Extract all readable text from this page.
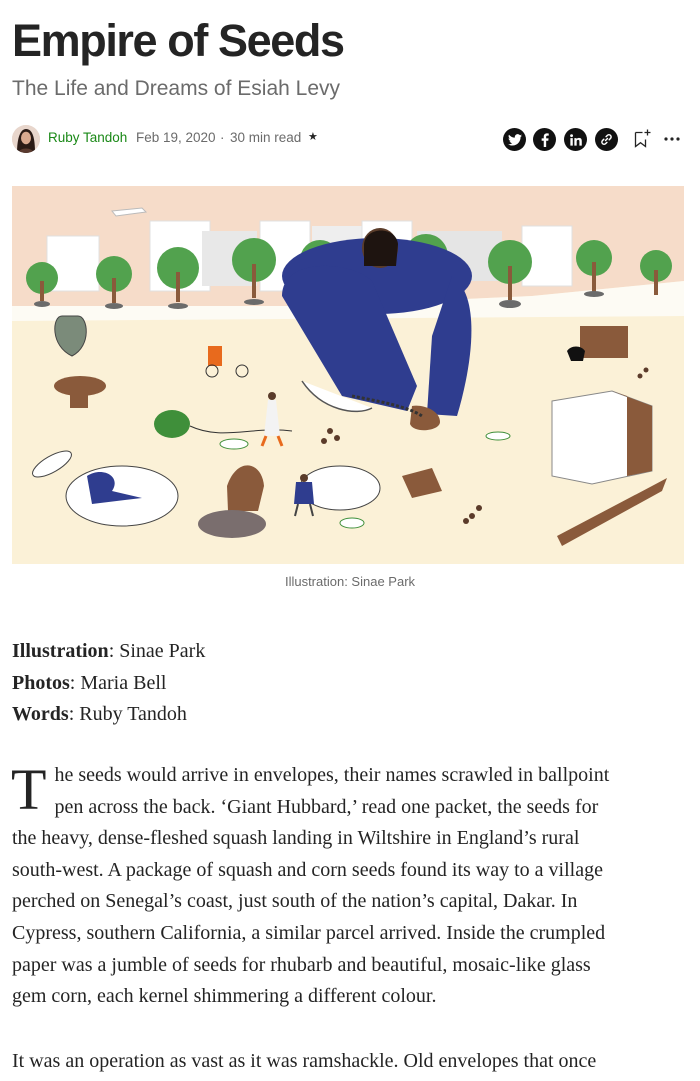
Empire of Seeds
The Life and Dreams of Esiah Levy
Ruby Tandoh Feb 19, 2020 · 30 min read ★
Illustration: Sinae Park
Illustration: Sinae Park
Photos: Maria Bell
Words: Ruby Tandoh
T he seeds would arrive in envelopes, their names scrawled in ballpoint
pen across the back. ‘Giant Hubbard,’ read one packet, the seeds for
the heavy, dense-fleshed squash landing in Wiltshire in England’s rural
south-west. A package of squash and corn seeds found its way to a village
perched on Senegal’s coast, just south of the nation’s capital, Dakar. In
Cypress, southern California, a similar parcel arrived. Inside the crumpled
paper was a jumble of seeds for rhubarb and beautiful, mosaic-like glass
gem corn, each kernel shimmering a different colour.
It was an operation as vast as it was ramshackle. Old envelopes that once
